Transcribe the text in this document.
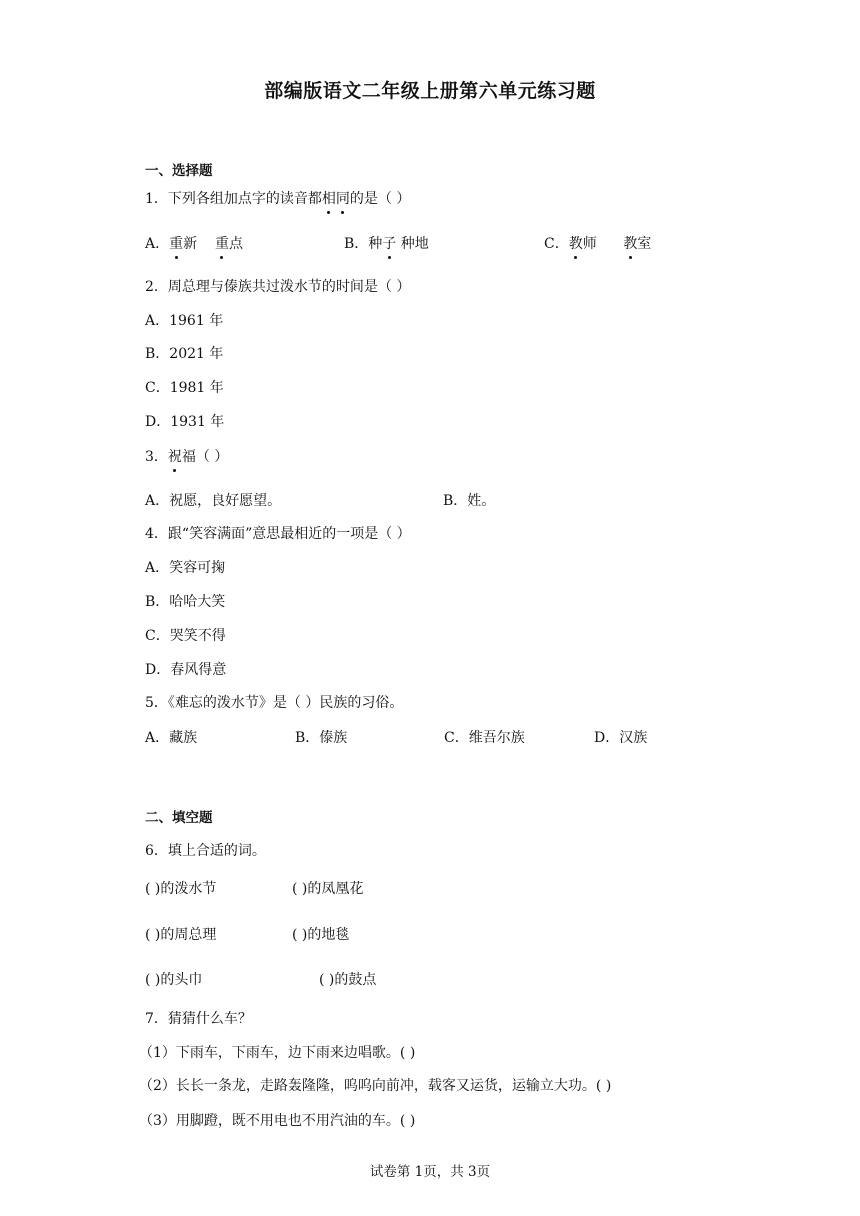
部编版语文二年级上册第六单元练习题
一、选择题
1．下列各组加点字的读音都相同的是（ ）
A．重新 重点	B．种子 种地	C．教师 教室
2．周总理与傣族共过泼水节的时间是（ ）
A．1961 年
B．2021 年
C．1981 年
D．1931 年
3．祝福（ ）
A．祝愿，良好愿望。	B．姓。
4．跟“笑容满面”意思最相近的一项是（ ）
A．笑容可掬
B．哈哈大笑
C．哭笑不得
D．春风得意
5．《难忘的泼水节》是（ ）民族的习俗。
A．藏族	B．傣族	C．维吾尔族	D．汉族
二、填空题
6．填上合适的词。
( )的泼水节	( )的凤凰花
( )的周总理	( )的地毯
( )的头巾	( )的鼓点
7．猜猜什么车？
（1）下雨车，下雨车，边下雨来边唱歌。( )
（2）长长一条龙，走路轰隆隆，呜呜向前冲，载客又运货，运输立大功。( )
（3）用脚蹬，既不用电也不用汽油的车。( )
试卷第 1页，共 3页
